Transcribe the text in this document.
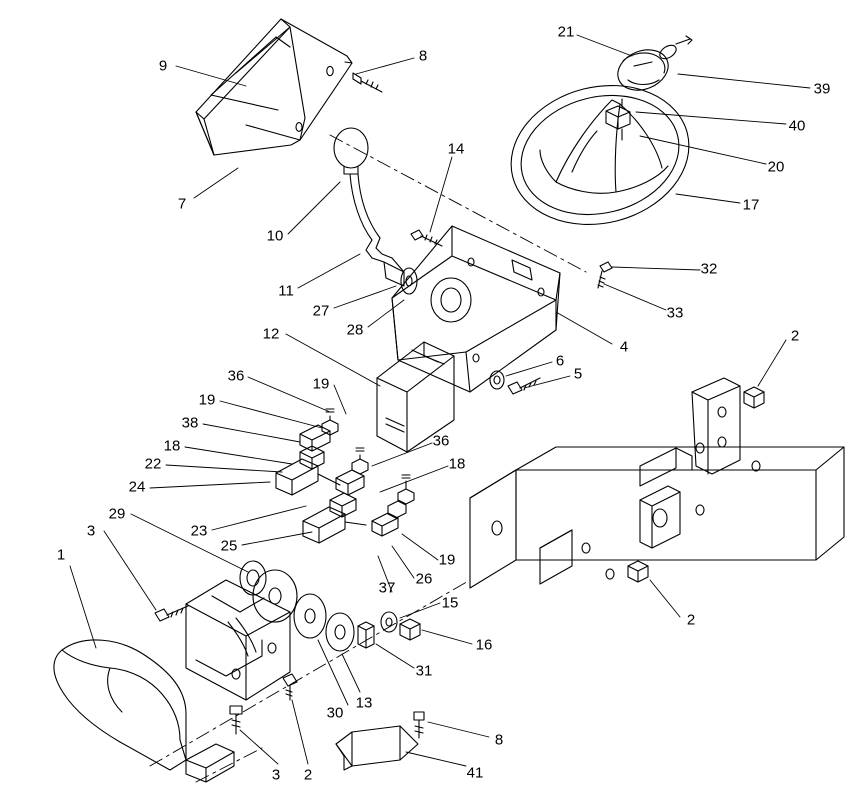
9
8
21
39
40
20
7
14
17
10
11
27
28
32
33
4
12
6
5
2
36	19
19
38
18	36
22	18
24
23
29
25
19
26
3
1
37
15
2
16
31
30
13
8
3 2	41
